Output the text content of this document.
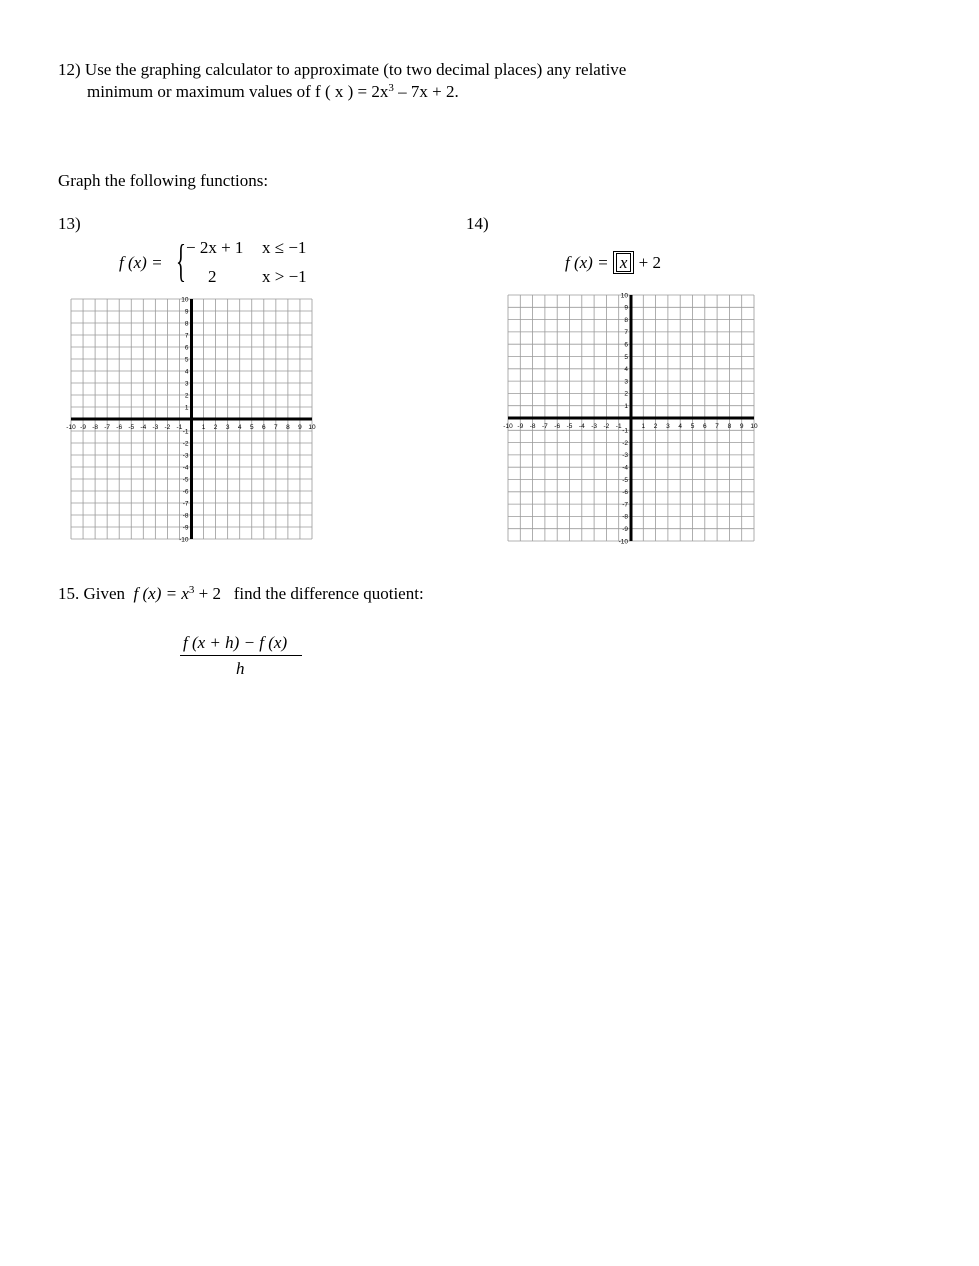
12) Use the graphing calculator to approximate (to two decimal places) any relative
minimum or maximum values of f ( x ) = $2x^3 - 7x + 2$.
Graph the following functions:
13)
f (x) = { − 2x + 1 x ≤ −1
2	x > −1
-10 -9 -8 -7 -6 -5 -4 -3 -2 -1	1 2 3 4 5 6 7 8 9 10
10
9
8
7
6
5
4
3
2
1
-1
-2
-3
-4
-5
-6
-7
-8
-9
-10
14)
f (x) = x + 2
-10 -9 -8 -7 -6 -5 -4 -3 -2 -1	1 2 3 4 5 6 7 8 9 10
10
9
8
7
6
5
4
3
2
1
-1
-2
-3
-4
-5
-6
-7
-8
-9
-10
15. Given f $(x) = x^3 + 2$ find the difference quotient:
f (x + h) − f (x)
h
